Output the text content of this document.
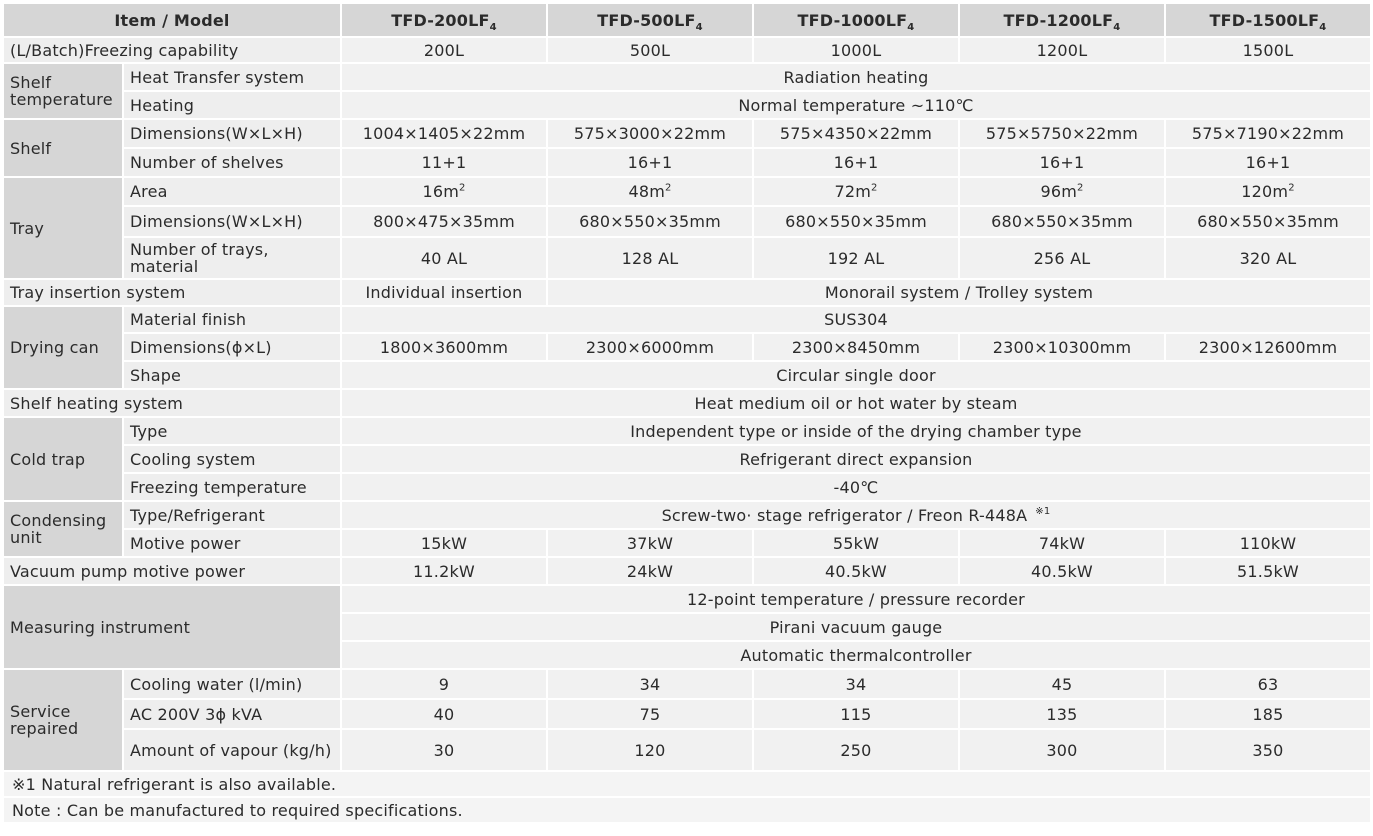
Item / Model		TFD-$200LF_4$	TFD-$500LF_4$	TFD-$1000LF_4$	TFD-$1200LF_4$	TFD-$1500LF_4$
(L/Batch)Freezing capability		200L	500L	1000L	1200L	1500L
Shelf temperature	Heat Transfer system	Radiation heating				
	Heating	Normal temperature ~110℃				
Shelf	Dimensions(W×L×H)	1004×1405×22mm	575×3000×22mm	575×4350×22mm	575×5750×22mm	575×7190×22mm
	Number of shelves	11+1	16+1	16+1	16+1	16+1
Tray	Area	$16m^2$	$48m^2$	$72m^2$	$96m^2$	$120m^2$
	Dimensions(W×L×H)	800×475×35mm	680×550×35mm	680×550×35mm	680×550×35mm	680×550×35mm
	Number of trays, material	40 AL	128 AL	192 AL	256 AL	320 AL
Tray insertion system		Individual insertion	Monorail system / Trolley system			
Drying can	Material finish	SUS304				
	Dimensions(ϕ×L)	1800×3600mm	2300×6000mm	2300×8450mm	2300×10300mm	2300×12600mm
	Shape	Circular single door				
Shelf heating system		Heat medium oil or hot water by steam				
Cold trap	Type	Independent type or inside of the drying chamber type				
	Cooling system	Refrigerant direct expansion				
	Freezing temperature	-40℃				
Condensing unit	Type/Refrigerant	Screw-two· stage refrigerator / Freon R-448A $^{※1}$
	Motive power	15kW	37kW	55kW	74kW	110kW
Vacuum pump motive power		11.2kW	24kW	40.5kW	40.5kW	51.5kW
Measuring instrument		12-point temperature / pressure recorder				
		Pirani vacuum gauge				
		Automatic thermalcontroller				
Service repaired	Cooling water (l/min)	9	34	34	45	63
	AC 200V 3ϕ kVA	40	75	115	135	185
	Amount of vapour (kg/h)	30	120	250	300	350
※1 Natural refrigerant is also available.						
Note : Can be manufactured to required specifications.						
